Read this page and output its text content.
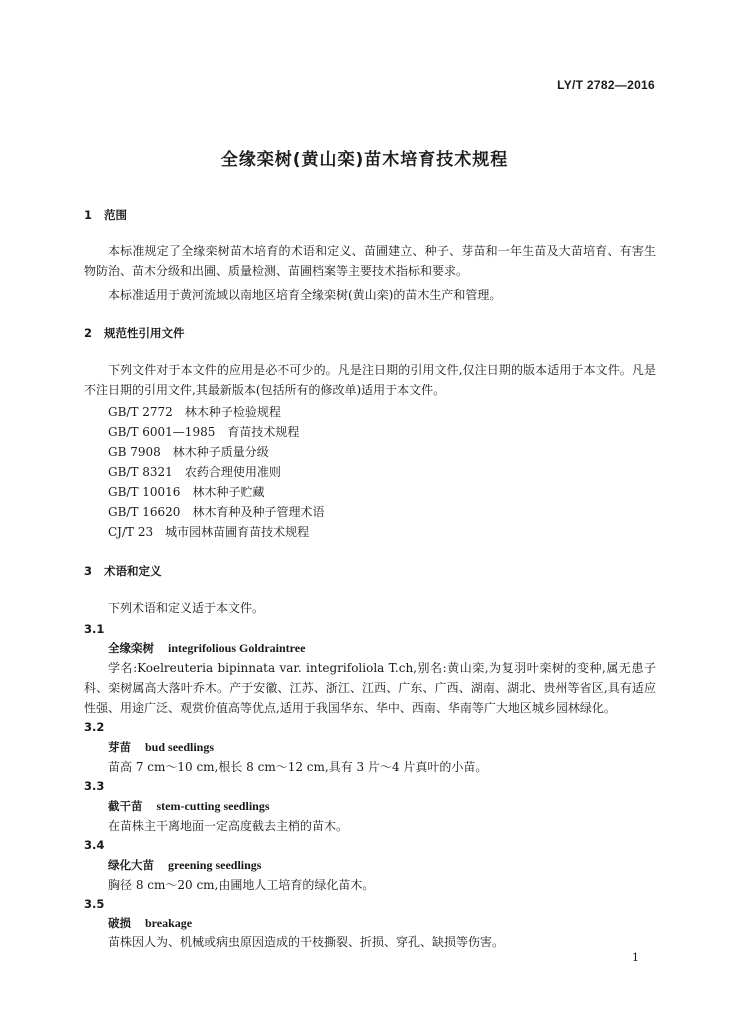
LY/T 2782—2016
全缘栾树(黄山栾)苗木培育技术规程
1 范围
本标准规定了全缘栾树苗木培育的术语和定义、苗圃建立、种子、芽苗和一年生苗及大苗培育、有害生物防治、苗木分级和出圃、质量检测、苗圃档案等主要技术指标和要求。
本标准适用于黄河流域以南地区培育全缘栾树(黄山栾)的苗木生产和管理。
2 规范性引用文件
下列文件对于本文件的应用是必不可少的。凡是注日期的引用文件,仅注日期的版本适用于本文件。凡是不注日期的引用文件,其最新版本(包括所有的修改单)适用于本文件。
GB/T 2772 林木种子检验规程
GB/T 6001—1985 育苗技术规程
GB 7908 林木种子质量分级
GB/T 8321 农药合理使用准则
GB/T 10016 林木种子贮藏
GB/T 16620 林木育种及种子管理术语
CJ/T 23 城市园林苗圃育苗技术规程
3 术语和定义
下列术语和定义适于本文件。
3.1
全缘栾树 integrifolious Goldraintree
学名:Koelreuteria bipinnata var. integrifoliola T.ch,别名:黄山栾,为复羽叶栾树的变种,属无患子科、栾树属高大落叶乔木。产于安徽、江苏、浙江、江西、广东、广西、湖南、湖北、贵州等省区,具有适应性强、用途广泛、观赏价值高等优点,适用于我国华东、华中、西南、华南等广大地区城乡园林绿化。
3.2
芽苗 bud seedlings
苗高 7 cm～10 cm,根长 8 cm～12 cm,具有 3 片～4 片真叶的小苗。
3.3
截干苗 stem-cutting seedlings
在苗株主干离地面一定高度截去主梢的苗木。
3.4
绿化大苗 greening seedlings
胸径 8 cm～20 cm,由圃地人工培育的绿化苗木。
3.5
破损 breakage
苗株因人为、机械或病虫原因造成的干枝撕裂、折损、穿孔、缺损等伤害。
1
